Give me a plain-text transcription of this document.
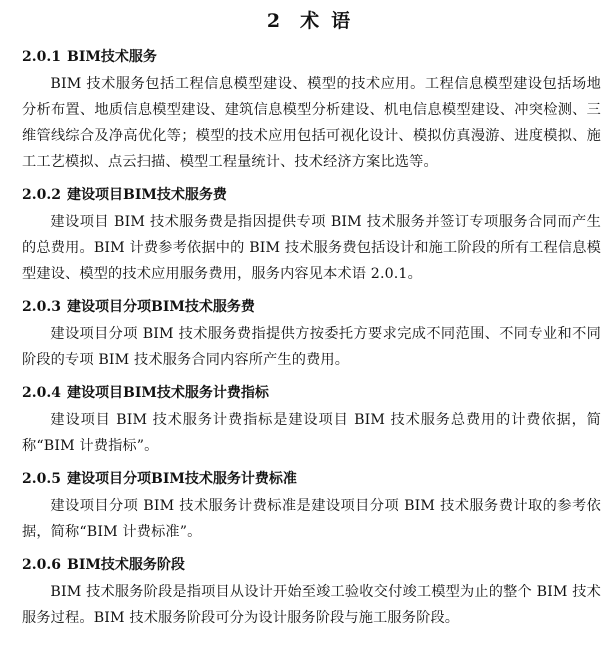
2 术 语
2.0.1 BIM技术服务

BIM 技术服务包括工程信息模型建设、模型的技术应用。工程信息模型建设包括场地分析布置、地质信息模型建设、建筑信息模型分析建设、机电信息模型建设、冲突检测、三维管线综合及净高优化等；模型的技术应用包括可视化设计、模拟仿真漫游、进度模拟、施工工艺模拟、点云扫描、模型工程量统计、技术经济方案比选等。

2.0.2 建设项目BIM技术服务费

建设项目 BIM 技术服务费是指因提供专项 BIM 技术服务并签订专项服务合同而产生的总费用。BIM 计费参考依据中的 BIM 技术服务费包括设计和施工阶段的所有工程信息模型建设、模型的技术应用服务费用，服务内容见本术语 2.0.1。

2.0.3 建设项目分项BIM技术服务费

建设项目分项 BIM 技术服务费指提供方按委托方要求完成不同范围、不同专业和不同阶段的专项 BIM 技术服务合同内容所产生的费用。

2.0.4 建设项目BIM技术服务计费指标

建设项目 BIM 技术服务计费指标是建设项目 BIM 技术服务总费用的计费依据，简称“BIM 计费指标”。

2.0.5 建设项目分项BIM技术服务计费标准

建设项目分项 BIM 技术服务计费标准是建设项目分项 BIM 技术服务费计取的参考依据，简称“BIM 计费标准”。

2.0.6 BIM技术服务阶段

BIM 技术服务阶段是指项目从设计开始至竣工验收交付竣工模型为止的整个 BIM 技术服务过程。BIM 技术服务阶段可分为设计服务阶段与施工服务阶段。
